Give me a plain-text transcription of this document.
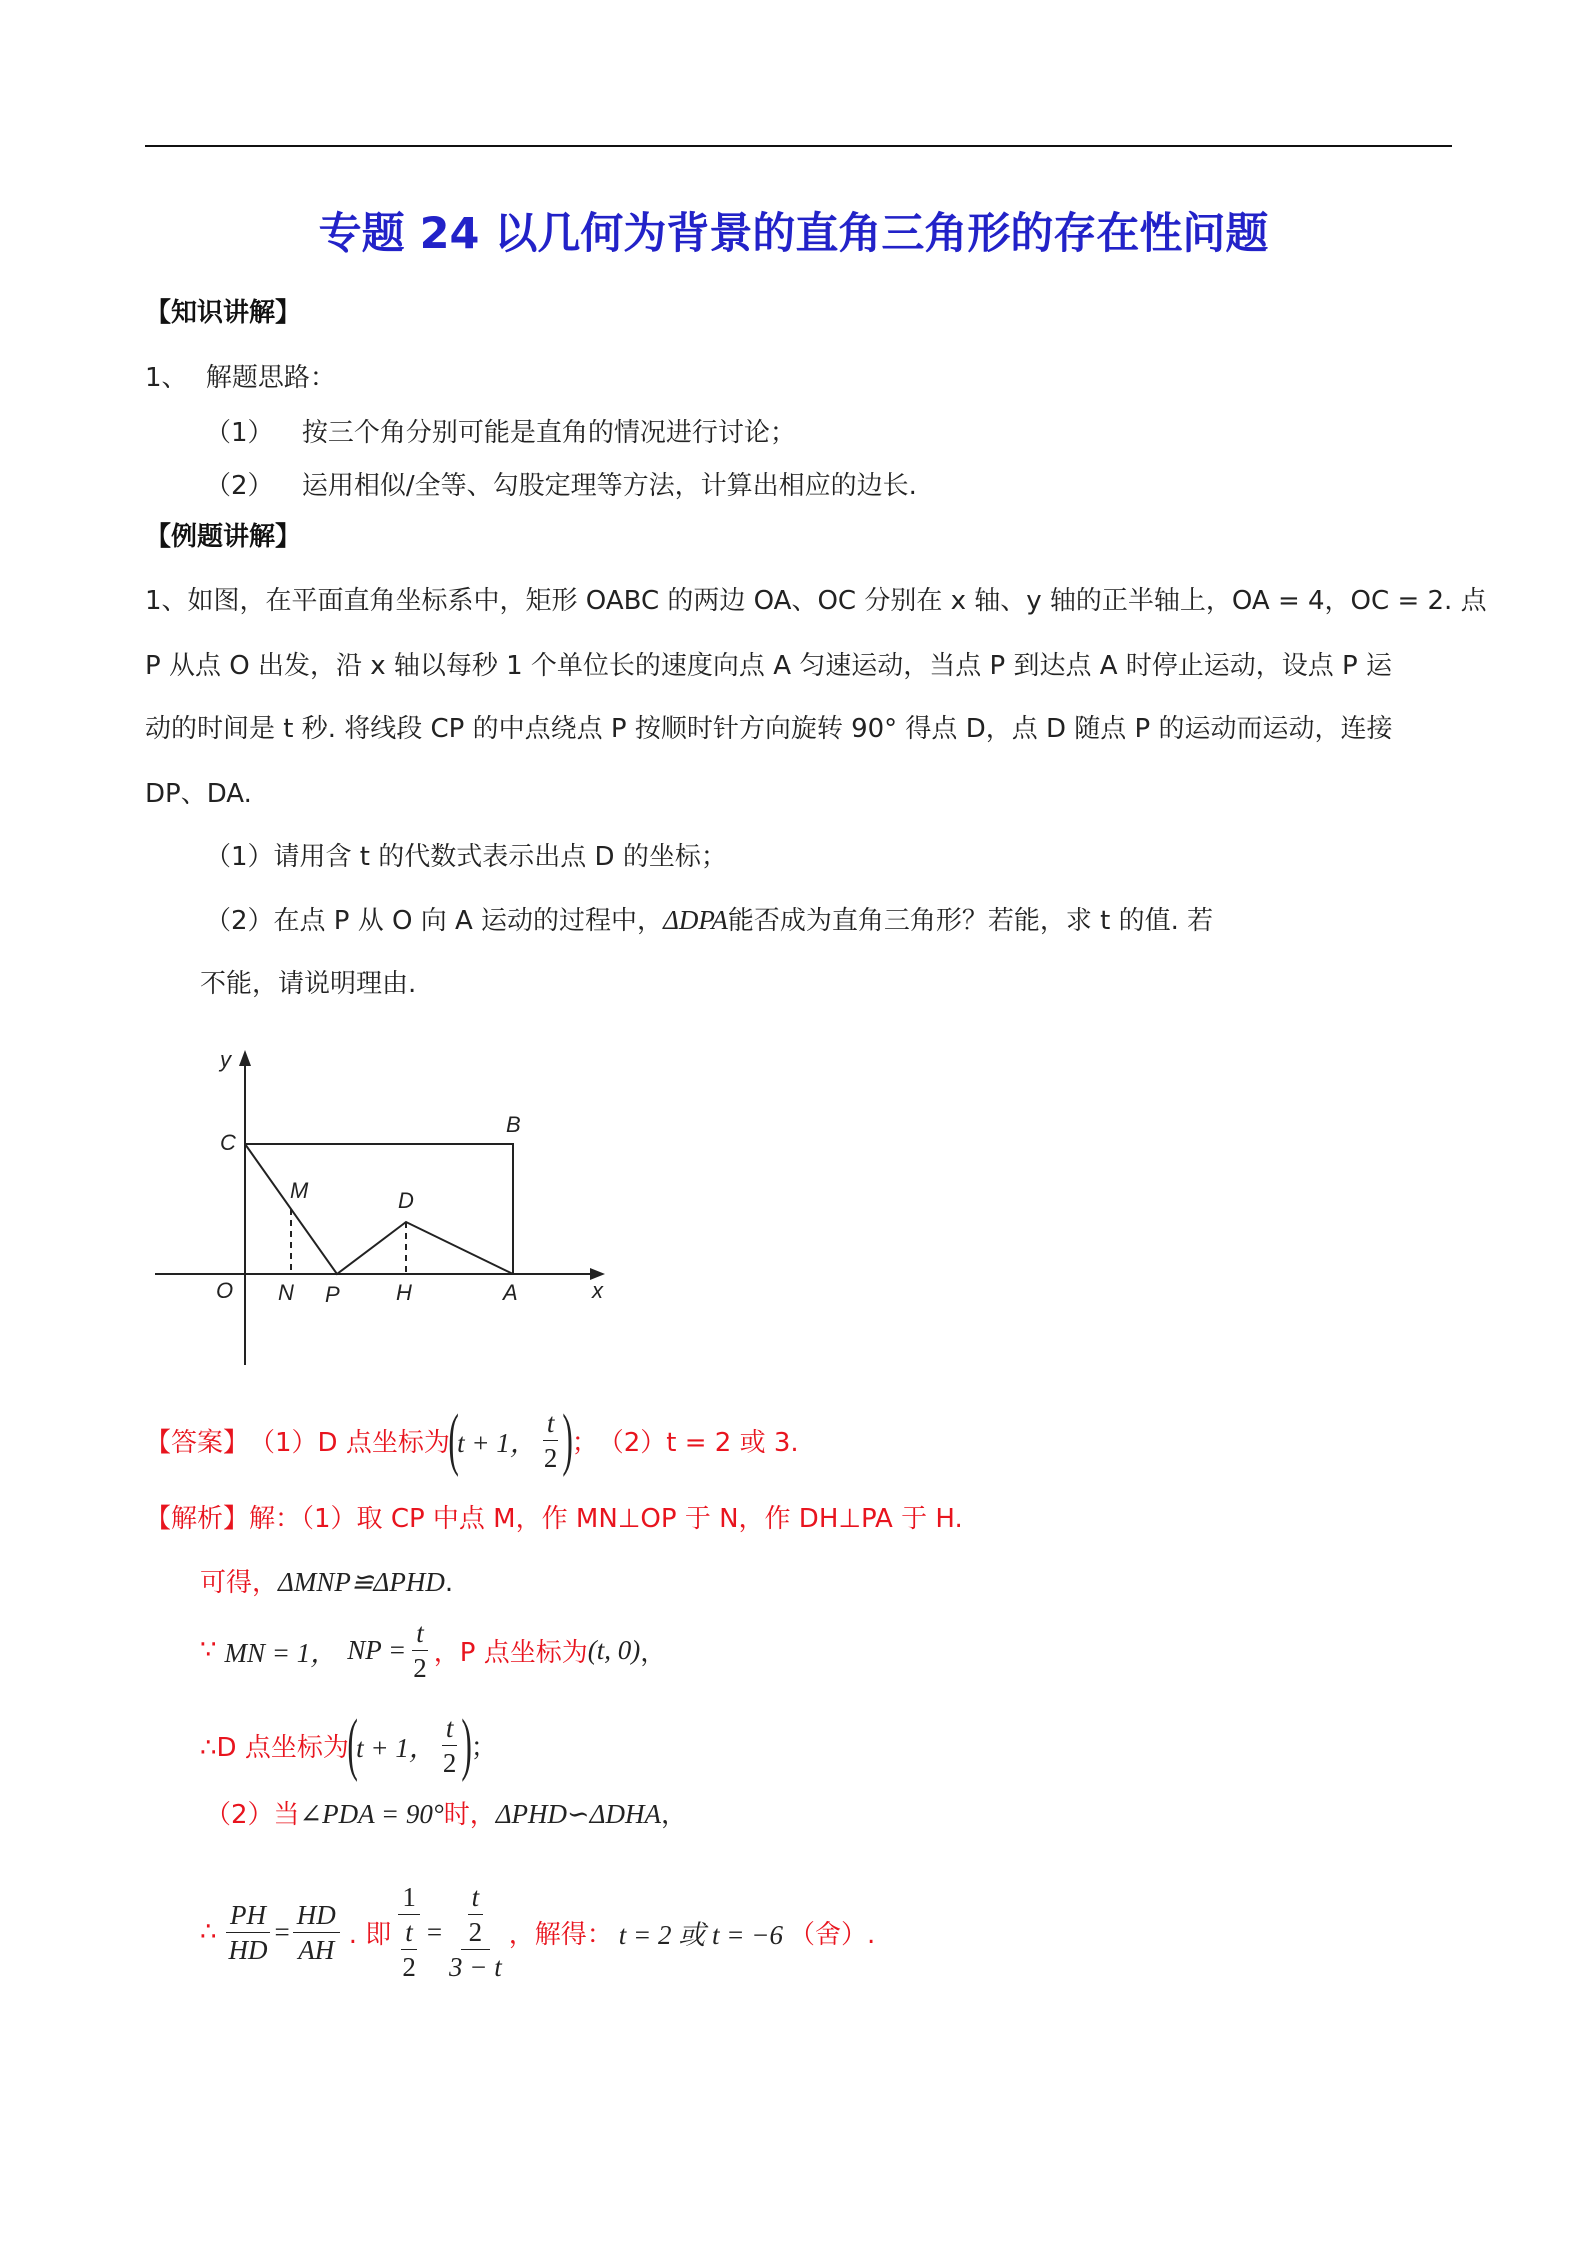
专题 24 以几何为背景的直角三角形的存在性问题
【知识讲解】
1、 解题思路：
（1） 按三个角分别可能是直角的情况进行讨论；
（2） 运用相似/全等、勾股定理等方法，计算出相应的边长.
【例题讲解】
1、如图，在平面直角坐标系中，矩形 OABC 的两边 OA、OC 分别在 x 轴、y 轴的正半轴上，OA = 4，OC = 2. 点
P 从点 O 出发，沿 x 轴以每秒 1 个单位长的速度向点 A 匀速运动，当点 P 到达点 A 时停止运动，设点 P 运
动的时间是 t 秒. 将线段 CP 的中点绕点 P 按顺时针方向旋转 90° 得点 D，点 D 随点 P 的运动而运动，连接
DP、DA.
（1）请用含 t 的代数式表示出点 D 的坐标；
（2）在点 P 从 O 向 A 运动的过程中，ΔDPA能否成为直角三角形？若能，求 t 的值. 若
不能，请说明理由.
y
C
B
M	D
O N P	H	A	x
【答案】 （1）D 点坐标为
(
t + 1， $\frac{t}{2}$ )
； （2）t = 2 或 3.
【解析】解：（1）取 CP 中点 M，作 MN⊥OP 于 N，作 DH⊥PA 于 H.
可得，ΔMNP≌ΔPHD.
∵ MN = 1， NP = $\frac{t}{2}$ ，P 点坐标为 (t, 0) ，
∴D 点坐标为
(
t + 1， $\frac{t}{2}$ )
；
（2）当∠PDA = 90°时，ΔPHD∽ΔDHA，
∴ $\frac{PH}{HD} = \frac{HD}{AH}$ . 即 $\frac{1}{\frac{t}{2}} = \frac{\frac{t}{2}}{3 - t}$ ，解得： t = 2 或 t = −6 （舍）.
